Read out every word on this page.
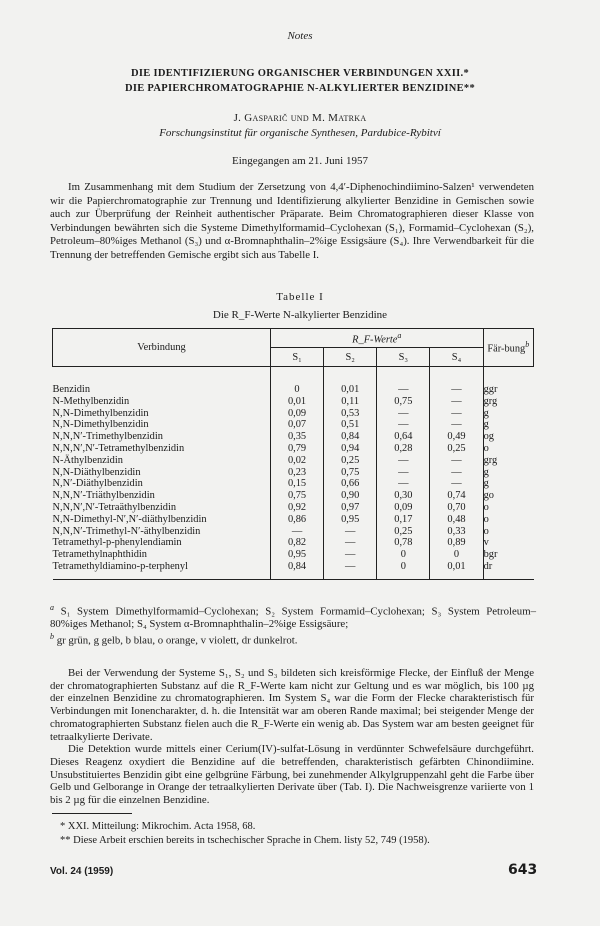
Notes
DIE IDENTIFIZIERUNG ORGANISCHER VERBINDUNGEN XXII.*
DIE PAPIERCHROMATOGRAPHIE N-ALKYLIERTER BENZIDINE**
J. Gasparič und M. Matrka
Forschungsinstitut für organische Synthesen, Pardubice-Rybitví
Eingegangen am 21. Juni 1957

Im Zusammenhang mit dem Studium der Zersetzung von 4,4′-Diphenochindiimino-Salzen¹ verwendeten wir die Papierchromatographie zur Trennung und Identifizierung alkylierter Benzidine in Gemischen sowie auch zur Überprüfung der Reinheit authentischer Präparate. Beim Chromatographieren dieser Klasse von Verbindungen bewährten sich die Systeme Dimethylformamid–Cyclohexan (S₁), Formamid–Cyclohexan (S₂), Petroleum–80%iges Methanol (S₃) und α-Bromnaphthalin–2%ige Essigsäure (S₄). Ihre Verwendbarkeit für die Trennung der betreffenden Gemische ergibt sich aus Tabelle I.

Tabelle I
Die R_F-Werte N-alkylierter Benzidine
Verbindung	R_F-Werte$^a$				Fär-bung$^b$
	S₁	S₂	S₃	S₄	

Benzidin	0	0,01	—	—	ggr
N-Methylbenzidin	0,01	0,11	0,75	—	grg
N,N-Dimethylbenzidin	0,09	0,53	—	—	g
N,N-Dimethylbenzidin	0,07	0,51	—	—	g
N,N,N′-Trimethylbenzidin	0,35	0,84	0,64	0,49	og
N,N,N′,N′-Tetramethylbenzidin	0,79	0,94	0,28	0,25	o
N-Äthylbenzidin	0,02	0,25	—	—	grg
N,N-Diäthylbenzidin	0,23	0,75	—	—	g
N,N′-Diäthylbenzidin	0,15	0,66	—	—	g
N,N,N′-Triäthylbenzidin	0,75	0,90	0,30	0,74	go
N,N,N′,N′-Tetraäthylbenzidin	0,92	0,97	0,09	0,70	o
N,N-Dimethyl-N′,N′-diäthylbenzidin	0,86	0,95	0,17	0,48	o
N,N,N′-Trimethyl-N′-äthylbenzidin	—	—	0,25	0,33	o
Tetramethyl-p-phenylendiamin	0,82	—	0,78	0,89	v
Tetramethylnaphthidin	0,95	—	0	0	bgr
Tetramethyldiamino-p-terphenyl	0,84	—	0	0,01	dr

$^a$ S₁ System Dimethylformamid–Cyclohexan; S₂ System Formamid–Cyclohexan; S₃ System Petroleum–80%iges Methanol; S₄ System α-Bromnaphthalin–2%ige Essigsäure;

$^b$ gr grün, g gelb, b blau, o orange, v violett, dr dunkelrot.

Bei der Verwendung der Systeme S₁, S₂ und S₃ bildeten sich kreisförmige Flecke, der Einfluß der Menge der chromatographierten Substanz auf die R_F-Werte kam nicht zur Geltung und es war möglich, bis 100 µg der einzelnen Benzidine zu chromatographieren. Im System S₄ war die Form der Flecke charakteristisch für Verbindungen mit Ionencharakter, d. h. die Intensität war am oberen Rande maximal; bei steigender Menge der chromatographierten Substanz fielen auch die R_F-Werte ein wenig ab. Das System war am besten geeignet für tetraalkylierte Derivate.

Die Detektion wurde mittels einer Cerium(IV)-sulfat-Lösung in verdünnter Schwefelsäure durchgeführt. Dieses Reagenz oxydiert die Benzidine auf die betreffenden, charakteristisch gefärbten Chinondiimine. Unsubstituiertes Benzidin gibt eine gelbgrüne Färbung, bei zunehmender Alkylgruppenzahl geht die Farbe über Gelb und Gelborange in Orange der tetraalkylierten Derivate über (Tab. I). Die Nachweisgrenze variierte von 1 bis 2 µg für die einzelnen Benzidine.

* XXI. Mitteilung: Mikrochim. Acta 1958, 68.

** Diese Arbeit erschien bereits in tschechischer Sprache in Chem. listy 52, 749 (1958).

Vol. 24 (1959)	643
